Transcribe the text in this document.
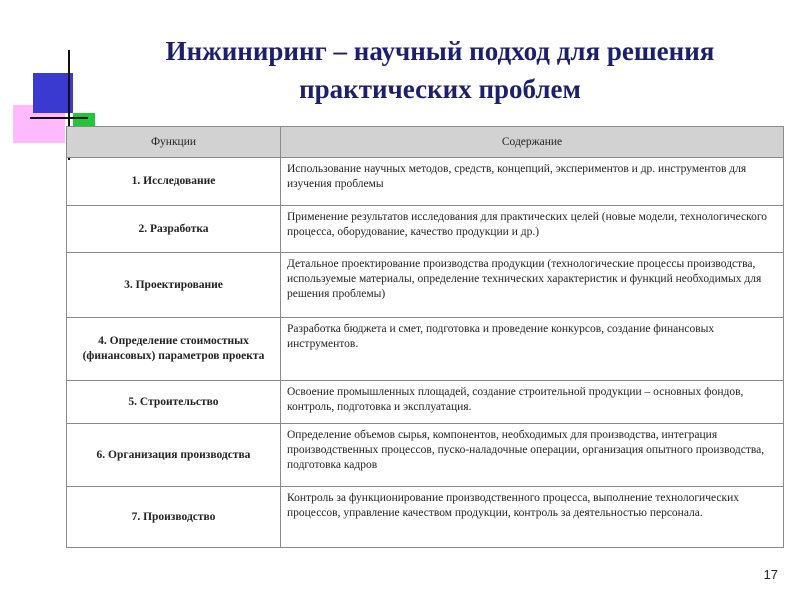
Инжиниринг – научный подход для решения
практических проблем
Функции	Содержание
1. Исследование	Использование научных методов, средств, концепций, экспериментов и др. инструментов для изучения проблемы
2. Разработка	Применение результатов исследования для практических целей (новые модели, технологического процесса, оборудование, качество продукции и др.)
3. Проектирование	Детальное проектирование производства продукции (технологические процессы производства, используемые материалы, определение технических характеристик и функций необходимых для решения проблемы)
4. Определение стоимостных (финансовых) параметров проекта	Разработка бюджета и смет, подготовка и проведение конкурсов, создание финансовых инструментов.
5. Строительство	Освоение промышленных площадей, создание строительной продукции – основных фондов, контроль, подготовка и эксплуатация.
6. Организация производства	Определение объемов сырья, компонентов, необходимых для производства, интеграция производственных процессов, пуско-наладочные операции, организация опытного производства, подготовка кадров
7. Производство	Контроль за функционирование производственного процесса, выполнение технологических процессов, управление качеством продукции, контроль за деятельностью персонала.
17
